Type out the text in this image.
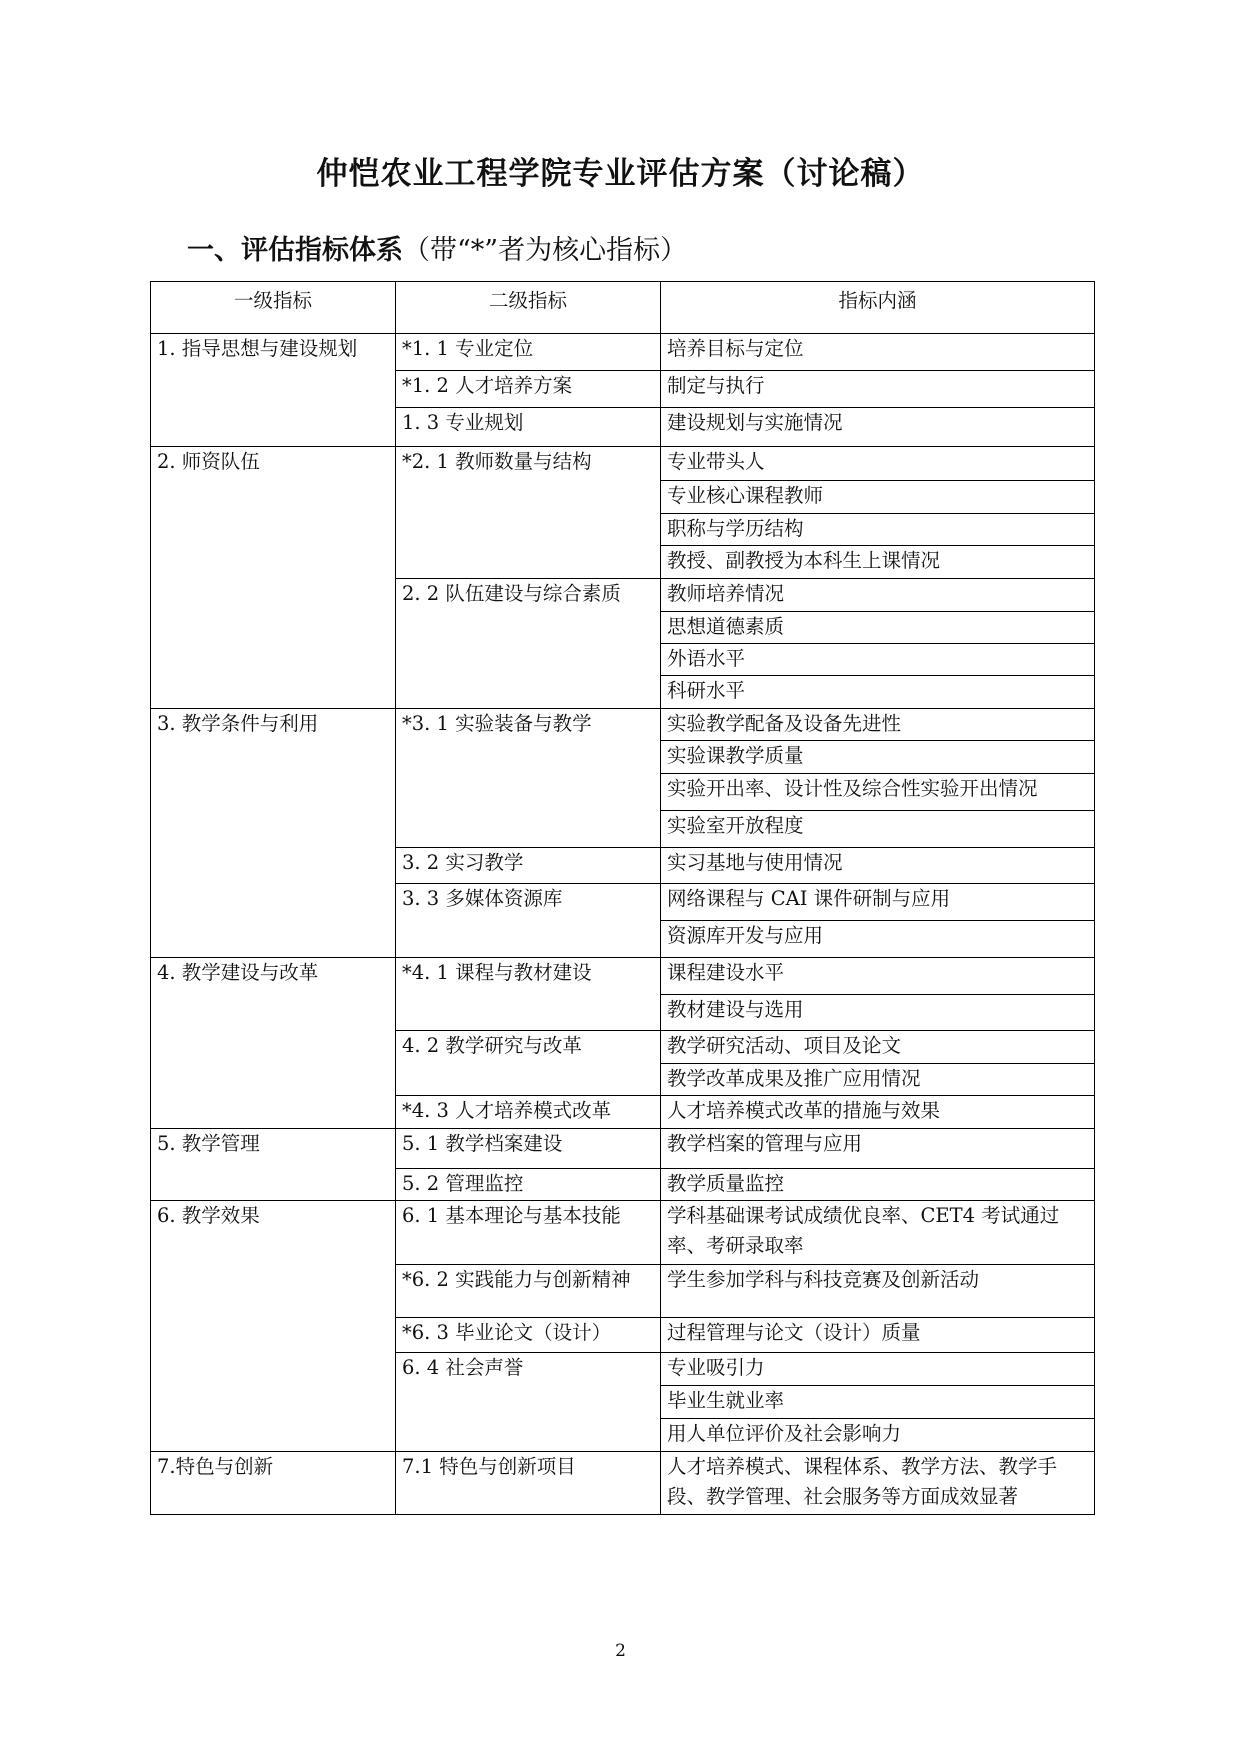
仲恺农业工程学院专业评估方案（讨论稿）
一、评估指标体系（带“*”者为核心指标）
一级指标	二级指标	指标内涵
1. 指导思想与建设规划	*1. 1 专业定位	培养目标与定位
	*1. 2 人才培养方案	制定与执行
	1. 3 专业规划	建设规划与实施情况
2. 师资队伍	*2. 1 教师数量与结构	专业带头人
		专业核心课程教师
		职称与学历结构
		教授、副教授为本科生上课情况
	2. 2 队伍建设与综合素质	教师培养情况
		思想道德素质
		外语水平
		科研水平
3. 教学条件与利用	*3. 1 实验装备与教学	实验教学配备及设备先进性
		实验课教学质量
		实验开出率、设计性及综合性实验开出情况
		实验室开放程度
	3. 2 实习教学	实习基地与使用情况
	3. 3 多媒体资源库	网络课程与 CAI 课件研制与应用
		资源库开发与应用
4. 教学建设与改革	*4. 1 课程与教材建设	课程建设水平
		教材建设与选用
	4. 2 教学研究与改革	教学研究活动、项目及论文
		教学改革成果及推广应用情况
	*4. 3 人才培养模式改革	人才培养模式改革的措施与效果
5. 教学管理	5. 1 教学档案建设	教学档案的管理与应用
	5. 2 管理监控	教学质量监控
6. 教学效果	6. 1 基本理论与基本技能	学科基础课考试成绩优良率、CET4 考试通过率、考研录取率
	*6. 2 实践能力与创新精神	学生参加学科与科技竞赛及创新活动
	*6. 3 毕业论文（设计）	过程管理与论文（设计）质量
	6. 4 社会声誉	专业吸引力
		毕业生就业率
		用人单位评价及社会影响力
7.特色与创新	7.1 特色与创新项目	人才培养模式、课程体系、教学方法、教学手段、教学管理、社会服务等方面成效显著
2
